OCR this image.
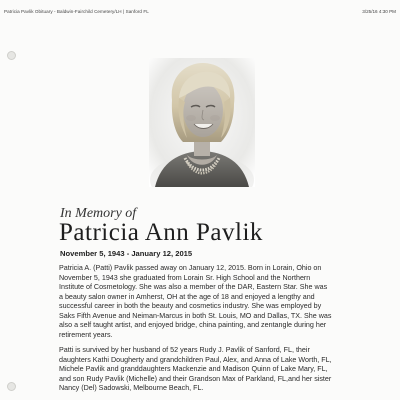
Patricia Pavlik Obituary - Baldwin-Fairchild Cemetery/LH | Sanford FL	3/25/16 4:30 PM
In Memory of
Patricia Ann Pavlik
November 5, 1943 - January 12, 2015
Patricia A. (Patti) Pavlik passed away on January 12, 2015. Born in Lorain, Ohio on
November 5, 1943 she graduated from Lorain Sr. High School and the Northern
Institute of Cosmetology. She was also a member of the DAR, Eastern Star. She was
a beauty salon owner in Amherst, OH at the age of 18 and enjoyed a lengthy and
successful career in both the beauty and cosmetics industry. She was employed by
Saks Fifth Avenue and Neiman-Marcus in both St. Louis, MO and Dallas, TX. She was
also a self taught artist, and enjoyed bridge, china painting, and zentangle during her
retirement years.
Patti is survived by her husband of 52 years Rudy J. Pavlik of Sanford, FL, their
daughters Kathi Dougherty and grandchildren Paul, Alex, and Anna of Lake Worth, FL,
Michele Pavlik and granddaughters Mackenzie and Madison Quinn of Lake Mary, FL,
and son Rudy Pavlik (Michelle) and their Grandson Max of Parkland, FL,and her sister
Nancy (Del) Sadowski, Melbourne Beach, FL.
